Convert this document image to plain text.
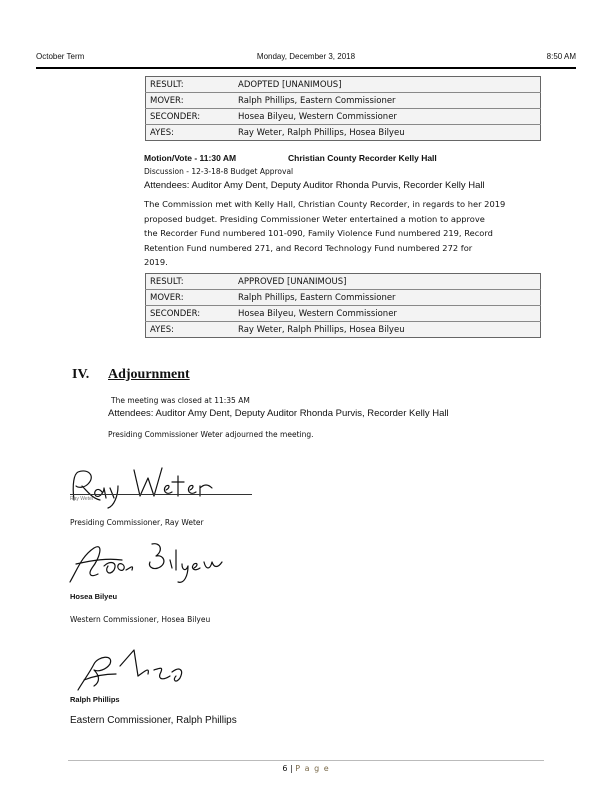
October Term	Monday, December 3, 2018	8:50 AM
RESULT:	ADOPTED [UNANIMOUS]
MOVER:	Ralph Phillips, Eastern Commissioner
SECONDER:	Hosea Bilyeu, Western Commissioner
AYES:	Ray Weter, Ralph Phillips, Hosea Bilyeu
Motion/Vote - 11:30 AM	Christian County Recorder Kelly Hall
Discussion - 12-3-18-8 Budget Approval
Attendees: Auditor Amy Dent, Deputy Auditor Rhonda Purvis, Recorder Kelly Hall
The Commission met with Kelly Hall, Christian County Recorder, in regards to her 2019
proposed budget. Presiding Commissioner Weter entertained a motion to approve
the Recorder Fund numbered 101-090, Family Violence Fund numbered 219, Record
Retention Fund numbered 271, and Record Technology Fund numbered 272 for
2019.
RESULT:	APPROVED [UNANIMOUS]
MOVER:	Ralph Phillips, Eastern Commissioner
SECONDER:	Hosea Bilyeu, Western Commissioner
AYES:	Ray Weter, Ralph Phillips, Hosea Bilyeu
IV. Adjournment
The meeting was closed at 11:35 AM
Attendees: Auditor Amy Dent, Deputy Auditor Rhonda Purvis, Recorder Kelly Hall
Presiding Commissioner Weter adjourned the meeting.
Ray Weter
Presiding Commissioner, Ray Weter
Hosea Bilyeu
Western Commissioner, Hosea Bilyeu
Ralph Phillips
Eastern Commissioner, Ralph Phillips
6 | P a g e
